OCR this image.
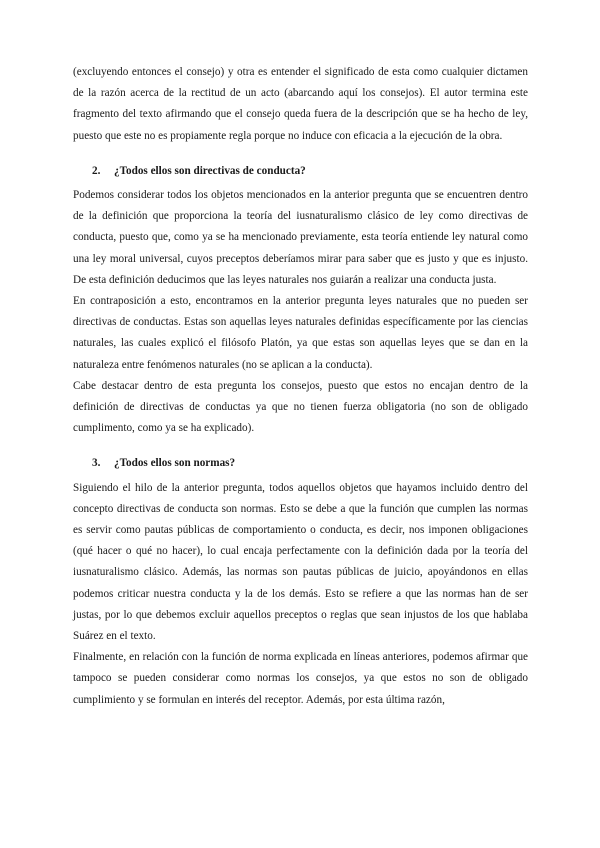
(excluyendo entonces el consejo) y otra es entender el significado de esta como cualquier dictamen de la razón acerca de la rectitud de un acto (abarcando aquí los consejos). El autor termina este fragmento del texto afirmando que el consejo queda fuera de la descripción que se ha hecho de ley, puesto que este no es propiamente regla porque no induce con eficacia a la ejecución de la obra.

2. ¿Todos ellos son directivas de conducta?

Podemos considerar todos los objetos mencionados en la anterior pregunta que se encuentren dentro de la definición que proporciona la teoría del iusnaturalismo clásico de ley como directivas de conducta, puesto que, como ya se ha mencionado previamente, esta teoría entiende ley natural como una ley moral universal, cuyos preceptos deberíamos mirar para saber que es justo y que es injusto. De esta definición deducimos que las leyes naturales nos guiarán a realizar una conducta justa.

En contraposición a esto, encontramos en la anterior pregunta leyes naturales que no pueden ser directivas de conductas. Estas son aquellas leyes naturales definidas específicamente por las ciencias naturales, las cuales explicó el filósofo Platón, ya que estas son aquellas leyes que se dan en la naturaleza entre fenómenos naturales (no se aplican a la conducta).

Cabe destacar dentro de esta pregunta los consejos, puesto que estos no encajan dentro de la definición de directivas de conductas ya que no tienen fuerza obligatoria (no son de obligado cumplimento, como ya se ha explicado).

3. ¿Todos ellos son normas?

Siguiendo el hilo de la anterior pregunta, todos aquellos objetos que hayamos incluido dentro del concepto directivas de conducta son normas. Esto se debe a que la función que cumplen las normas es servir como pautas públicas de comportamiento o conducta, es decir, nos imponen obligaciones (qué hacer o qué no hacer), lo cual encaja perfectamente con la definición dada por la teoría del iusnaturalismo clásico. Además, las normas son pautas públicas de juicio, apoyándonos en ellas podemos criticar nuestra conducta y la de los demás. Esto se refiere a que las normas han de ser justas, por lo que debemos excluir aquellos preceptos o reglas que sean injustos de los que hablaba Suárez en el texto.

Finalmente, en relación con la función de norma explicada en líneas anteriores, podemos afirmar que tampoco se pueden considerar como normas los consejos, ya que estos no son de obligado cumplimiento y se formulan en interés del receptor. Además, por esta última razón,
